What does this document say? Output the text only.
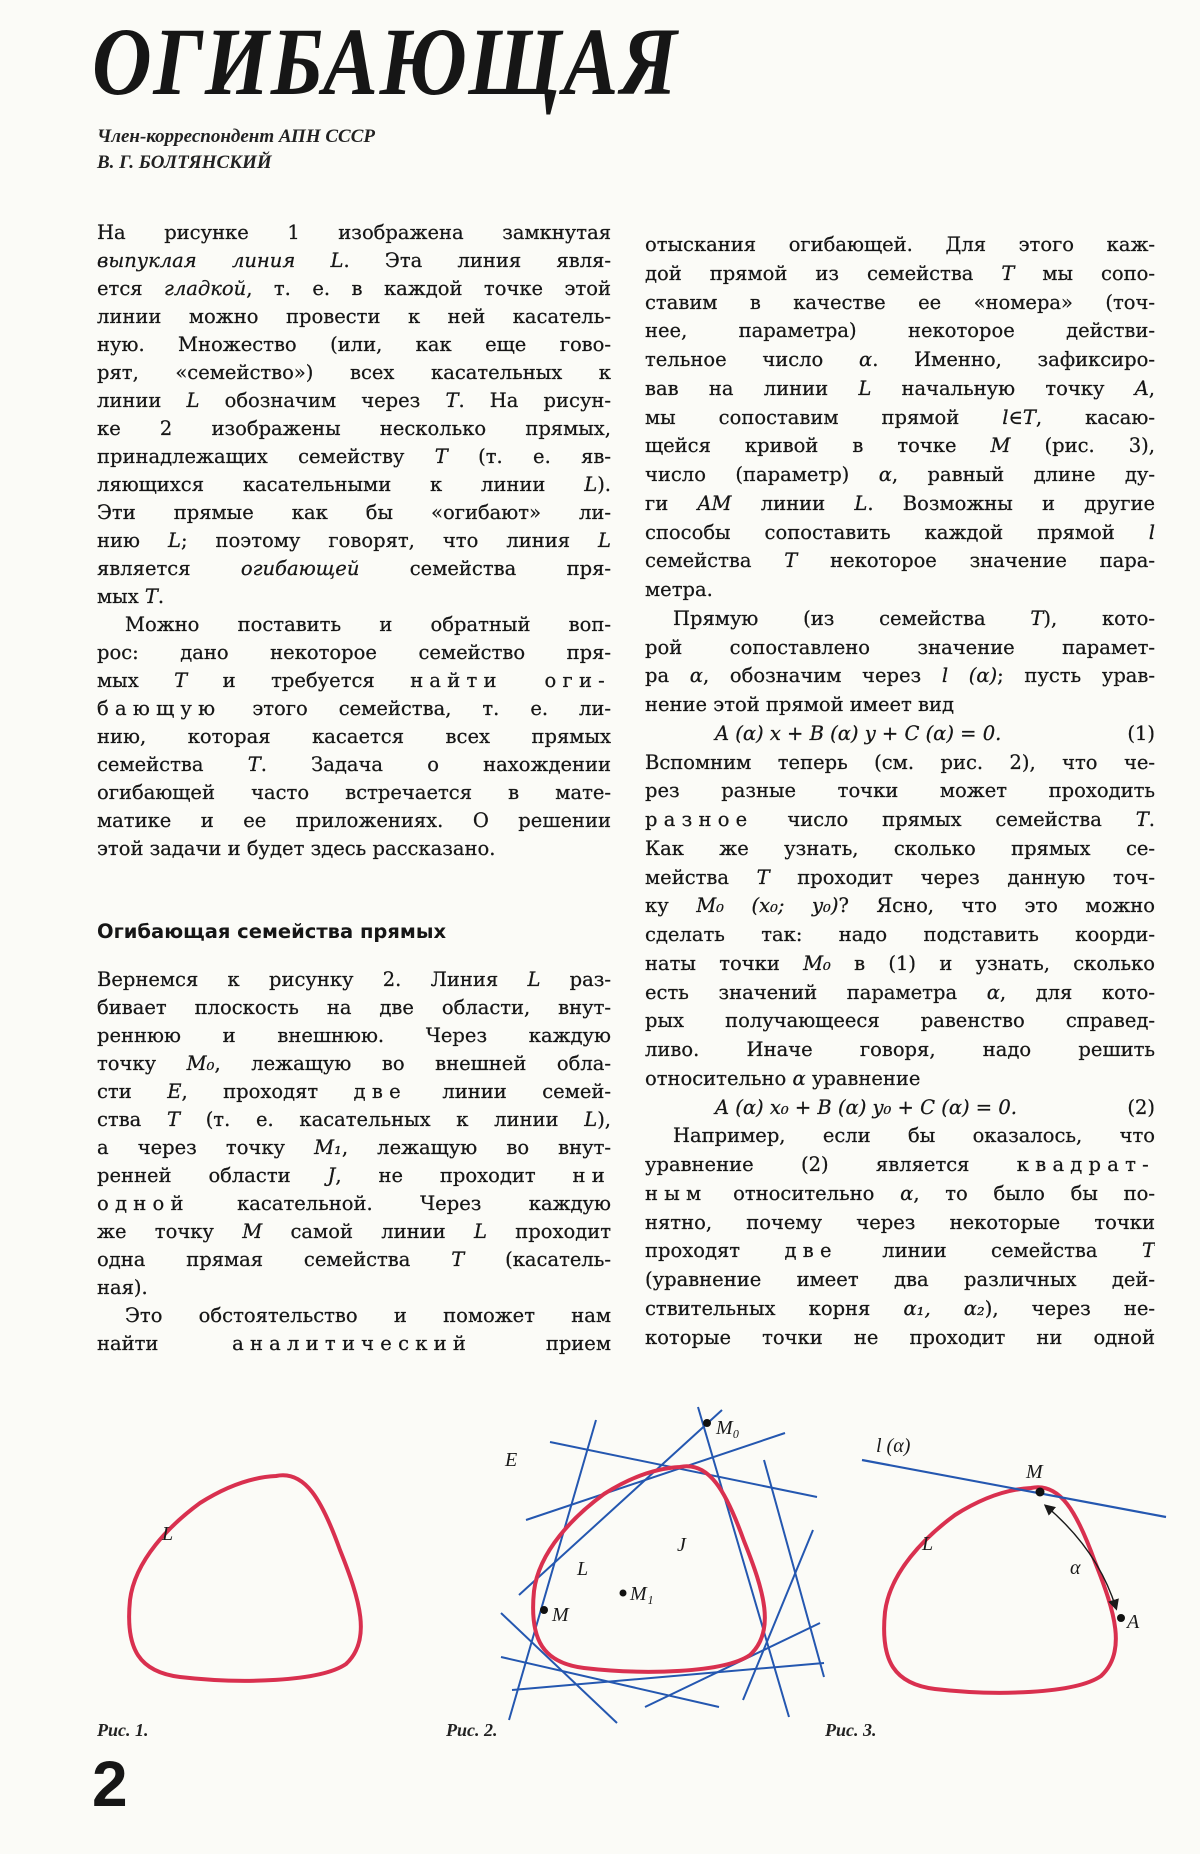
ОГИБАЮЩАЯ
Член-корреспондент АПН СССР
В. Г. БОЛТЯНСКИЙ
На рисунке 1 изображена замкнутая
выпуклая линия L. Эта линия явля-
ется гладкой, т. е. в каждой точке этой
линии можно провести к ней касатель-
ную. Множество (или, как еще гово-
рят, «семейство») всех касательных к
линии L обозначим через T. На рисун-
ке 2 изображены несколько прямых,
принадлежащих семейству T (т. е. яв-
ляющихся касательными к линии L).
Эти прямые как бы «огибают» ли-
нию L; поэтому говорят, что линия L
является огибающей семейства пря-
мых T.
Можно поставить и обратный воп-
рос: дано некоторое семейство пря-
мых T и требуется найти оги-
бающую этого семейства, т. е. ли-
нию, которая касается всех прямых
семейства T. Задача о нахождении
огибающей часто встречается в мате-
матике и ее приложениях. О решении
этой задачи и будет здесь рассказано.
Огибающая семейства прямых
Вернемся к рисунку 2. Линия L раз-
бивает плоскость на две области, внут-
реннюю и внешнюю. Через каждую
точку M₀, лежащую во внешней обла-
сти E, проходят две линии семей-
ства T (т. е. касательных к линии L),
а через точку M₁, лежащую во внут-
ренней области J, не проходит ни
одной касательной. Через каждую
же точку M самой линии L проходит
одна прямая семейства T (касатель-
ная).
Это обстоятельство и поможет нам
найти аналитический прием
отыскания огибающей. Для этого каж-
дой прямой из семейства T мы сопо-
ставим в качестве ее «номера» (точ-
нее, параметра) некоторое действи-
тельное число α. Именно, зафиксиро-
вав на линии L начальную точку A,
мы сопоставим прямой l∈T, касаю-
щейся кривой в точке M (рис. 3),
число (параметр) α, равный длине ду-
ги AM линии L. Возможны и другие
способы сопоставить каждой прямой l
семейства T некоторое значение пара-
метра.
Прямую (из семейства T), кото-
рой сопоставлено значение парамет-
ра α, обозначим через l (α); пусть урав-
нение этой прямой имеет вид
A (α) x + B (α) y + C (α) = 0.	(1)
Вспомним теперь (см. рис. 2), что че-
рез разные точки может проходить
разное число прямых семейства T.
Как же узнать, сколько прямых се-
мейства T проходит через данную точ-
ку M₀ (x₀; y₀)? Ясно, что это можно
сделать так: надо подставить коорди-
наты точки M₀ в (1) и узнать, сколько
есть значений параметра α, для кото-
рых получающееся равенство справед-
ливо. Иначе говоря, надо решить
относительно α уравнение
A (α) x₀ + B (α) y₀ + C (α) = 0.	(2)
Например, если бы оказалось, что
уравнение (2) является квадрат-
ным относительно α, то было бы по-
нятно, почему через некоторые точки
проходят две линии семейства T
(уравнение имеет два различных дей-
ствительных корня α₁, α₂), через не-
которые точки не проходит ни одной
L
M₀
E
J
L
M₁
M
l (α)
M
L
α
A
Рис. 1.	Рис. 2.	Рис. 3.
2
